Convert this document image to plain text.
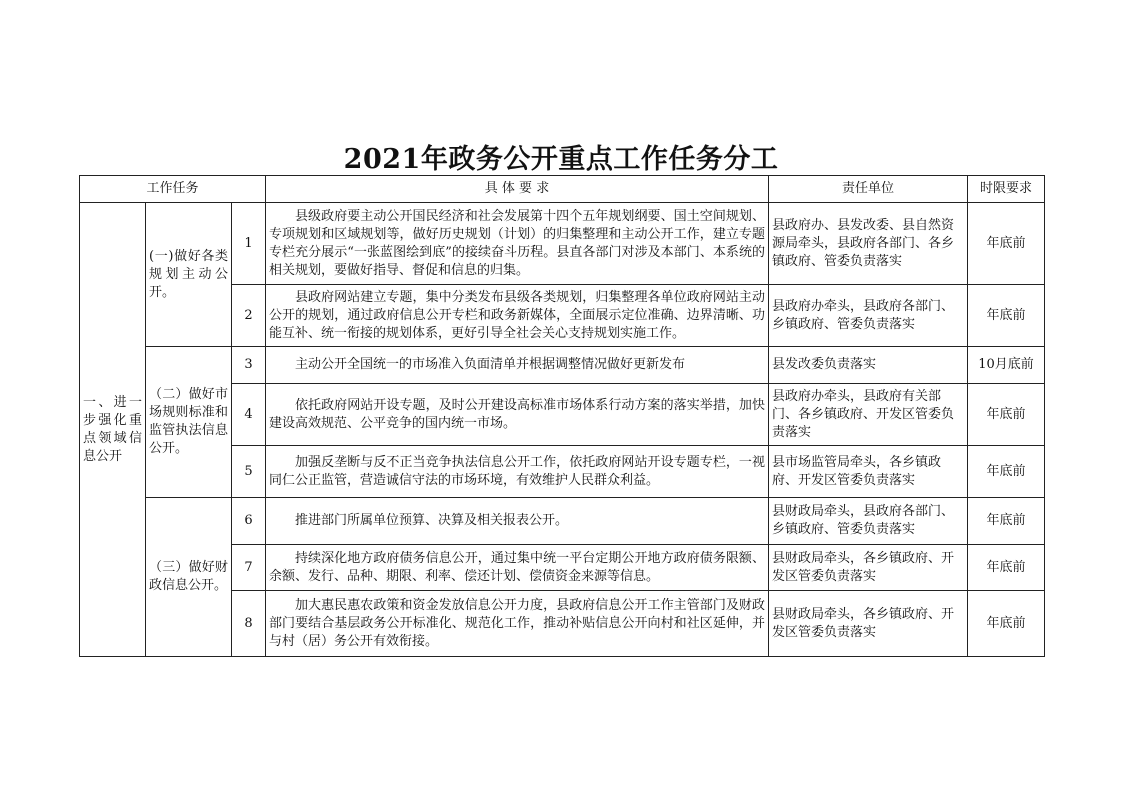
2021年政务公开重点工作任务分工
工作任务			具 体 要 求	责任单位	时限要求
一、进一步强化重点领域信息公开	(一)做好各类规划主动公开。	1	县级政府要主动公开国民经济和社会发展第十四个五年规划纲要、国土空间规划、专项规划和区域规划等，做好历史规划（计划）的归集整理和主动公开工作，建立专题专栏充分展示“一张蓝图绘到底”的接续奋斗历程。县直各部门对涉及本部门、本系统的相关规划，要做好指导、督促和信息的归集。	县政府办、县发改委、县自然资源局牵头，县政府各部门、各乡镇政府、管委负责落实	年底前
		2	县政府网站建立专题，集中分类发布县级各类规划，归集整理各单位政府网站主动公开的规划，通过政府信息公开专栏和政务新媒体，全面展示定位准确、边界清晰、功能互补、统一衔接的规划体系，更好引导全社会关心支持规划实施工作。	县政府办牵头，县政府各部门、乡镇政府、管委负责落实	年底前
	（二）做好市场规则标准和监管执法信息公开。	3	主动公开全国统一的市场准入负面清单并根据调整情况做好更新发布	县发改委负责落实	10月底前
		4	依托政府网站开设专题，及时公开建设高标准市场体系行动方案的落实举措，加快建设高效规范、公平竞争的国内统一市场。	县政府办牵头，县政府有关部门、各乡镇政府、开发区管委负责落实	年底前
		5	加强反垄断与反不正当竞争执法信息公开工作，依托政府网站开设专题专栏，一视同仁公正监管，营造诚信守法的市场环境，有效维护人民群众利益。	县市场监管局牵头，各乡镇政府、开发区管委负责落实	年底前
	（三）做好财政信息公开。	6	推进部门所属单位预算、决算及相关报表公开。	县财政局牵头，县政府各部门、乡镇政府、管委负责落实	年底前
		7	持续深化地方政府债务信息公开，通过集中统一平台定期公开地方政府债务限额、余额、发行、品种、期限、利率、偿还计划、偿债资金来源等信息。	县财政局牵头，各乡镇政府、开发区管委负责落实	年底前
		8	加大惠民惠农政策和资金发放信息公开力度，县政府信息公开工作主管部门及财政部门要结合基层政务公开标准化、规范化工作，推动补贴信息公开向村和社区延伸，并与村（居）务公开有效衔接。	县财政局牵头，各乡镇政府、开发区管委负责落实	年底前
